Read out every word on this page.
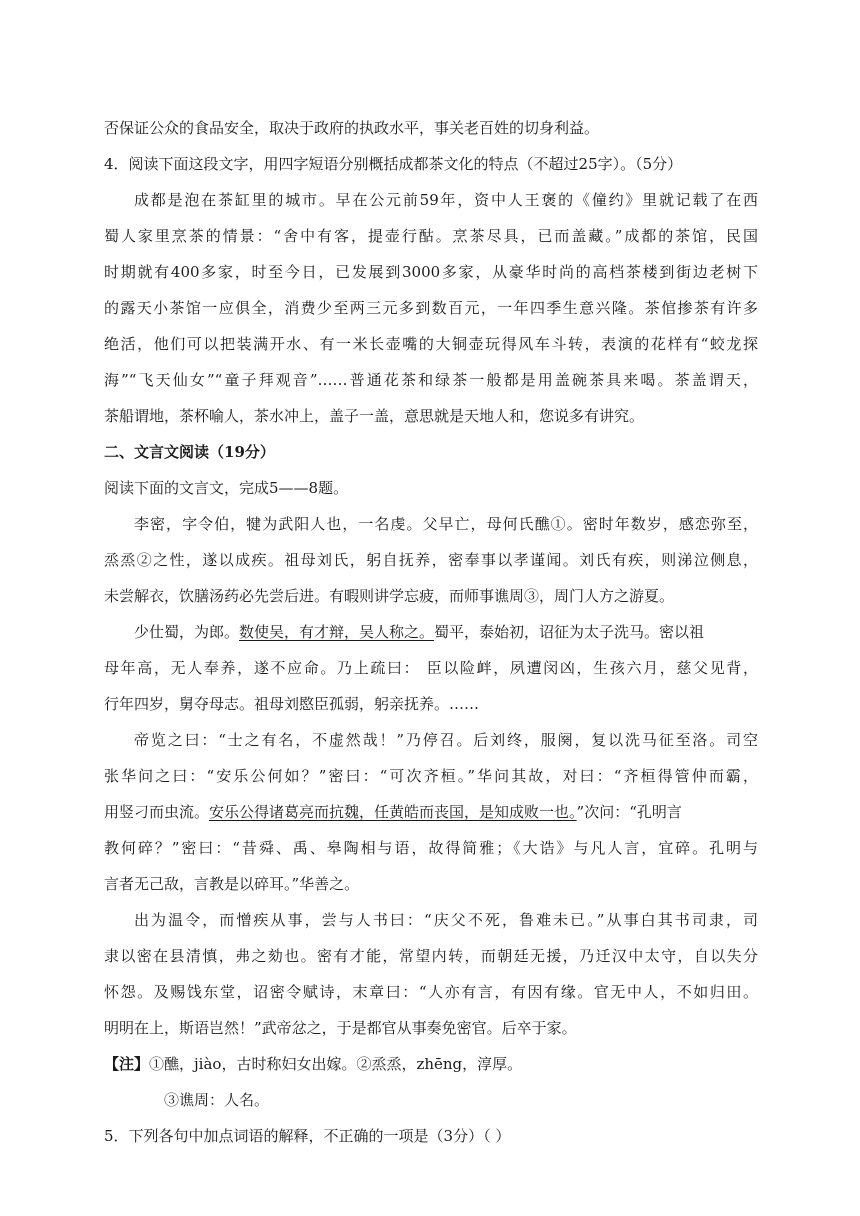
否保证公众的食品安全，取决于政府的执政水平，事关老百姓的切身利益。
4．阅读下面这段文字，用四字短语分别概括成都茶文化的特点（不超过25字）。（5分）
成都是泡在茶缸里的城市。早在公元前59年，资中人王褒的《僮约》里就记载了在西
蜀人家里烹茶的情景：“舍中有客，提壶行酤。烹茶尽具，已而盖藏。”成都的茶馆，民国
时期就有400多家，时至今日，已发展到3000多家，从豪华时尚的高档茶楼到街边老树下
的露天小茶馆一应俱全，消费少至两三元多到数百元，一年四季生意兴隆。茶倌掺茶有许多
绝活，他们可以把装满开水、有一米长壶嘴的大铜壶玩得风车斗转，表演的花样有“蛟龙探
海”“飞天仙女”“童子拜观音”……普通花茶和绿茶一般都是用盖碗茶具来喝。茶盖谓天，
茶船谓地，茶杯喻人，茶水冲上，盖子一盖，意思就是天地人和，您说多有讲究。
二、文言文阅读（19分）
阅读下面的文言文，完成5——8题。
李密，字令伯，犍为武阳人也，一名虔。父早亡，母何氏醮①。密时年数岁，感恋弥至，
烝烝②之性，遂以成疾。祖母刘氏，躬自抚养，密奉事以孝谨闻。刘氏有疾，则涕泣侧息，
未尝解衣，饮膳汤药必先尝后进。有暇则讲学忘疲，而师事谯周③，周门人方之游夏。
少仕蜀，为郎。数使吴，有才辩，吴人称之。蜀平，泰始初，诏征为太子洗马。密以祖
母年高，无人奉养，遂不应命。乃上疏曰： 臣以险衅，夙遭闵凶，生孩六月，慈父见背，
行年四岁，舅夺母志。祖母刘愍臣孤弱，躬亲抚养。……
帝览之曰：“士之有名，不虚然哉！”乃停召。后刘终，服阕，复以洗马征至洛。司空
张华问之曰：“安乐公何如？”密曰：“可次齐桓。”华问其故，对曰：“齐桓得管仲而霸，
用竖刁而虫流。安乐公得诸葛亮而抗魏，任黄皓而丧国，是知成败一也。”次问：“孔明言
教何碎？”密曰：“昔舜、禹、皋陶相与语，故得简雅；《大诰》与凡人言，宜碎。孔明与
言者无己敌，言教是以碎耳。”华善之。
出为温令，而憎疾从事，尝与人书曰：“庆父不死，鲁难未已。”从事白其书司隶，司
隶以密在县清慎，弗之劾也。密有才能，常望内转，而朝廷无援，乃迁汉中太守，自以失分
怀怨。及赐饯东堂，诏密令赋诗，末章曰：“人亦有言，有因有缘。官无中人，不如归田。
明明在上，斯语岂然！”武帝忿之，于是都官从事奏免密官。后卒于家。
【注】①醮，jiào，古时称妇女出嫁。②烝烝，zhēng，淳厚。
③谯周：人名。
5．下列各句中加点词语的解释，不正确的一项是（3分）（ ）
